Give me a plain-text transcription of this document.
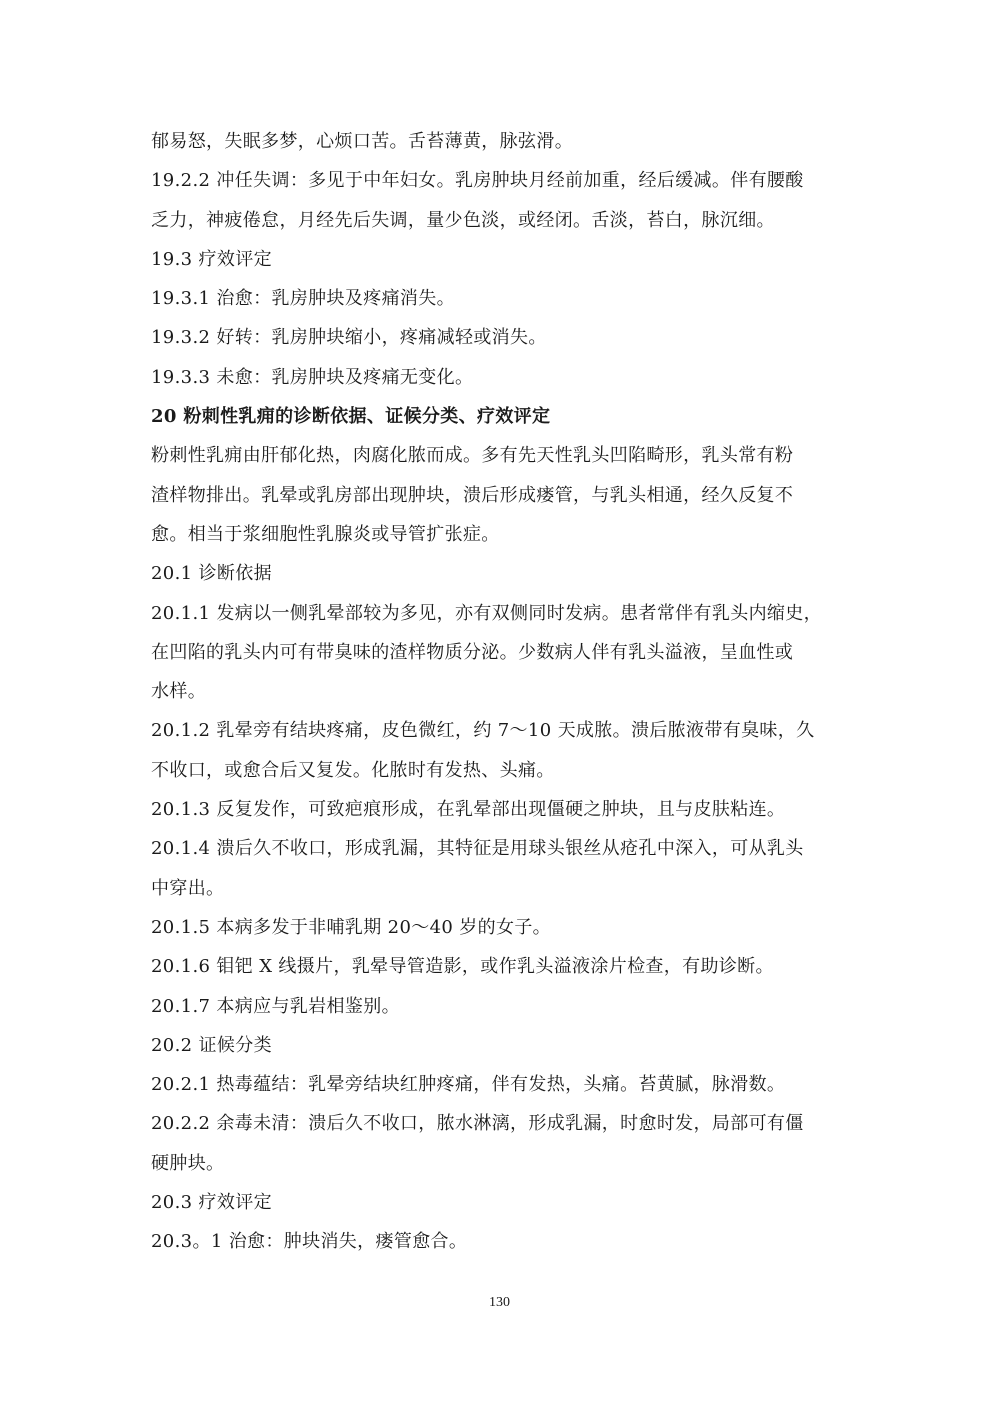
郁易怒，失眠多梦，心烦口苦。舌苔薄黄，脉弦滑。
19.2.2 冲任失调：多见于中年妇女。乳房肿块月经前加重，经后缓减。伴有腰酸
乏力，神疲倦怠，月经先后失调，量少色淡，或经闭。舌淡，苔白，脉沉细。
19.3 疗效评定
19.3.1 治愈：乳房肿块及疼痛消失。
19.3.2 好转：乳房肿块缩小，疼痛减轻或消失。
19.3.3 未愈：乳房肿块及疼痛无变化。
20 粉刺性乳痈的诊断依据、证候分类、疗效评定
粉刺性乳痈由肝郁化热，肉腐化脓而成。多有先天性乳头凹陷畸形，乳头常有粉
渣样物排出。乳晕或乳房部出现肿块，溃后形成瘘管，与乳头相通，经久反复不
愈。相当于浆细胞性乳腺炎或导管扩张症。
20.1 诊断依据
20.1.1 发病以一侧乳晕部较为多见，亦有双侧同时发病。患者常伴有乳头内缩史，
在凹陷的乳头内可有带臭味的渣样物质分泌。少数病人伴有乳头溢液，呈血性或
水样。
20.1.2 乳晕旁有结块疼痛，皮色微红，约 7～10 天成脓。溃后脓液带有臭味，久
不收口，或愈合后又复发。化脓时有发热、头痛。
20.1.3 反复发作，可致疤痕形成，在乳晕部出现僵硬之肿块，且与皮肤粘连。
20.1.4 溃后久不收口，形成乳漏，其特征是用球头银丝从疮孔中深入，可从乳头
中穿出。
20.1.5 本病多发于非哺乳期 20～40 岁的女子。
20.1.6 钼钯 X 线摄片，乳晕导管造影，或作乳头溢液涂片检查，有助诊断。
20.1.7 本病应与乳岩相鉴别。
20.2 证候分类
20.2.1 热毒蕴结：乳晕旁结块红肿疼痛，伴有发热，头痛。苔黄腻，脉滑数。
20.2.2 余毒未清：溃后久不收口，脓水淋漓，形成乳漏，时愈时发，局部可有僵
硬肿块。
20.3 疗效评定
20.3。1 治愈：肿块消失，瘘管愈合。
130
